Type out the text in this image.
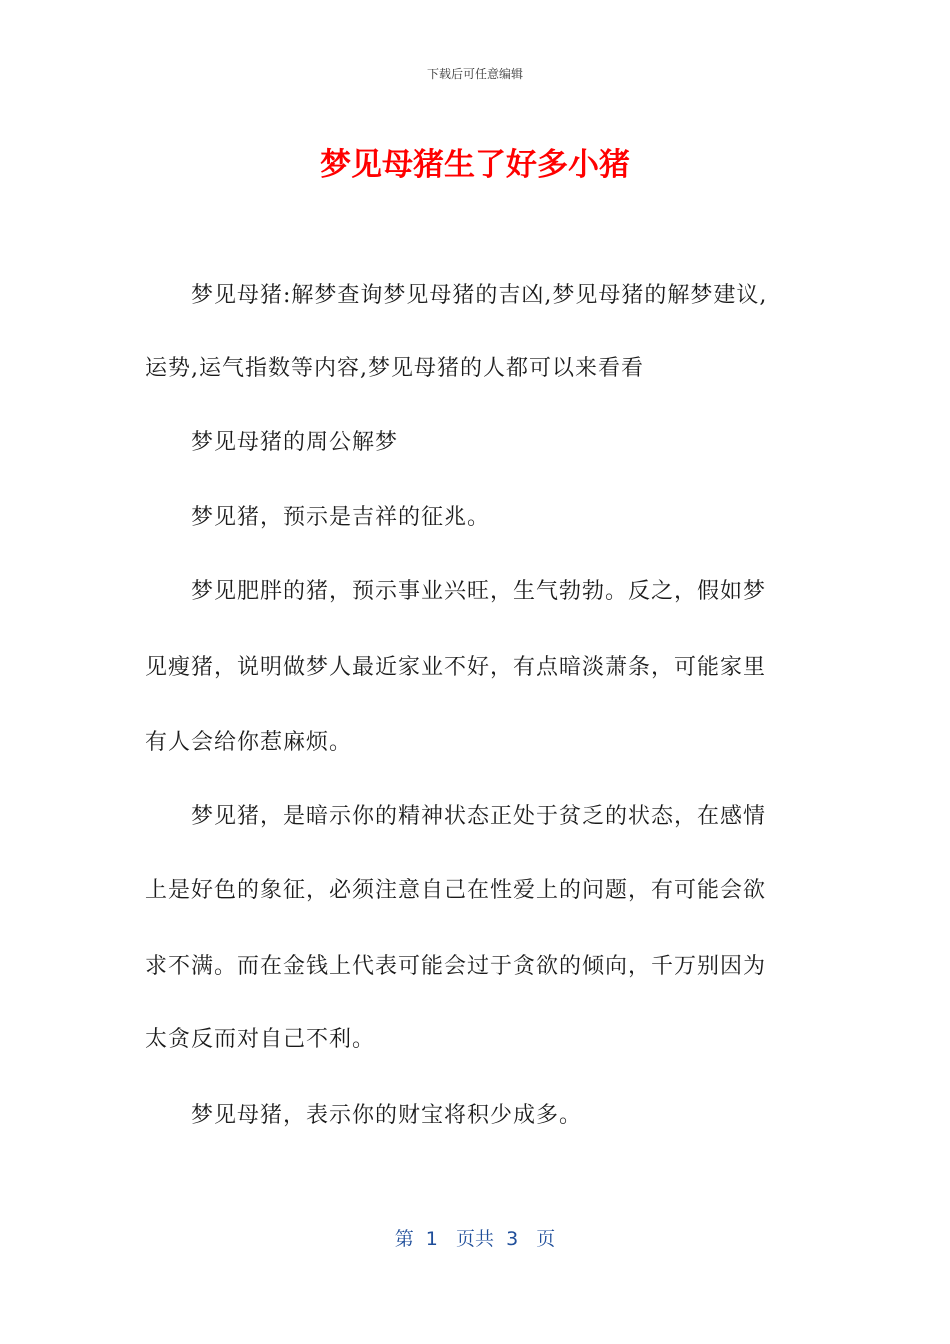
下载后可任意编辑
梦见母猪生了好多小猪

　　梦见母猪:解梦查询梦见母猪的吉凶,梦见母猪的解梦建议,

运势,运气指数等内容,梦见母猪的人都可以来看看

　　梦见母猪的周公解梦

　　梦见猪，预示是吉祥的征兆。

　　梦见肥胖的猪，预示事业兴旺，生气勃勃。反之，假如梦

见瘦猪，说明做梦人最近家业不好，有点暗淡萧条，可能家里

有人会给你惹麻烦。

　　梦见猪，是暗示你的精神状态正处于贫乏的状态，在感情

上是好色的象征，必须注意自己在性爱上的问题，有可能会欲

求不满。而在金钱上代表可能会过于贪欲的倾向，千万别因为

太贪反而对自己不利。

　　梦见母猪，表示你的财宝将积少成多。

第  1   页共  3   页
